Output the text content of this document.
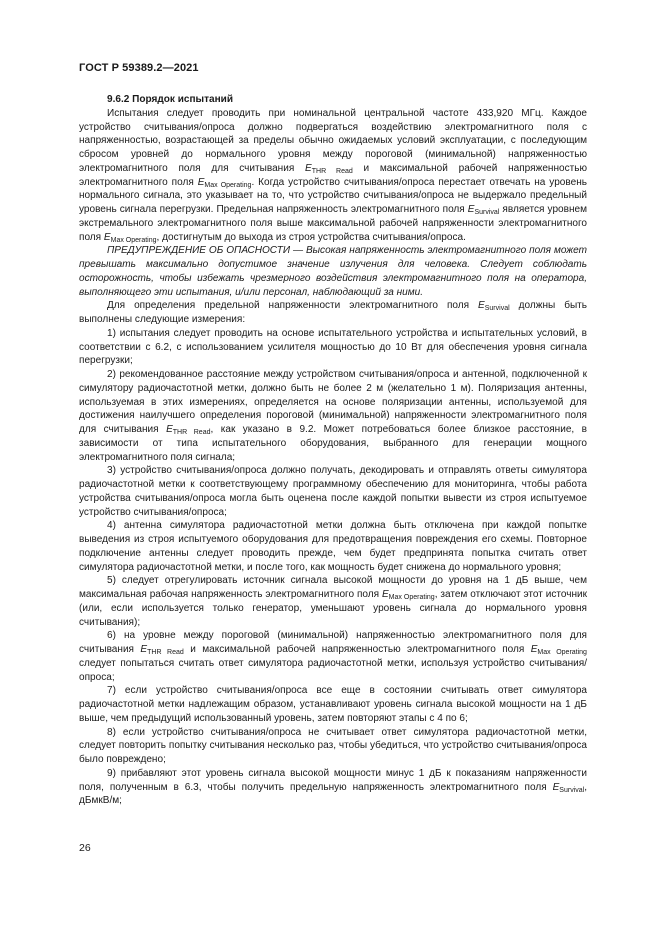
ГОСТ Р 59389.2—2021

9.6.2 Порядок испытаний

Испытания следует проводить при номинальной центральной частоте 433,920 МГц. Каждое устройство считывания/опроса должно подвергаться воздействию электромагнитного поля с напряженностью, возрастающей за пределы обычно ожидаемых условий эксплуатации, с последующим сбросом уровней до нормального уровня между пороговой (минимальной) напряженностью электромагнитного поля для считывания $E_{THR Read}$ и максимальной рабочей напряженностью электромагнитного поля $E_{Max Operating}$. Когда устройство считывания/опроса перестает отвечать на уровень нормального сигнала, это указывает на то, что устройство считывания/опроса не выдержало предельный уровень сигнала перегрузки. Предельная напряженность электромагнитного поля $E_{Survival}$ является уровнем экстремального электромагнитного поля выше максимальной рабочей напряженности электромагнитного поля $E_{Max Operating}$, достигнутым до выхода из строя устройства считывания/опроса.

ПРЕДУПРЕЖДЕНИЕ ОБ ОПАСНОСТИ — Высокая напряженность электромагнитного поля может превышать максимально допустимое значение излучения для человека. Следует соблюдать осторожность, чтобы избежать чрезмерного воздействия электромагнитного поля на оператора, выполняющего эти испытания, и/или персонал, наблюдающий за ними.

Для определения предельной напряженности электромагнитного поля $E_{Survival}$ должны быть выполнены следующие измерения:

1) испытания следует проводить на основе испытательного устройства и испытательных условий, в соответствии с 6.2, с использованием усилителя мощностью до 10 Вт для обеспечения уровня сигнала перегрузки;

2) рекомендованное расстояние между устройством считывания/опроса и антенной, подключенной к симулятору радиочастотной метки, должно быть не более 2 м (желательно 1 м). Поляризация антенны, используемая в этих измерениях, определяется на основе поляризации антенны, используемой для достижения наилучшего определения пороговой (минимальной) напряженности электромагнитного поля для считывания $E_{THR Read}$, как указано в 9.2. Может потребоваться более близкое расстояние, в зависимости от типа испытательного оборудования, выбранного для генерации мощного электромагнитного поля сигнала;

3) устройство считывания/опроса должно получать, декодировать и отправлять ответы симулятора радиочастотной метки к соответствующему программному обеспечению для мониторинга, чтобы работа устройства считывания/опроса могла быть оценена после каждой попытки вывести из строя испытуемое устройство считывания/опроса;

4) антенна симулятора радиочастотной метки должна быть отключена при каждой попытке выведения из строя испытуемого оборудования для предотвращения повреждения его схемы. Повторное подключение антенны следует проводить прежде, чем будет предпринята попытка считать ответ симулятора радиочастотной метки, и после того, как мощность будет снижена до нормального уровня;

5) следует отрегулировать источник сигнала высокой мощности до уровня на 1 дБ выше, чем максимальная рабочая напряженность электромагнитного поля $E_{Max Operating}$, затем отключают этот источник (или, если используется только генератор, уменьшают уровень сигнала до нормального уровня считывания);

6) на уровне между пороговой (минимальной) напряженностью электромагнитного поля для считывания $E_{THR Read}$ и максимальной рабочей напряженностью электромагнитного поля $E_{Max Operating}$ следует попытаться считать ответ симулятора радиочастотной метки, используя устройство считывания/опроса;

7) если устройство считывания/опроса все еще в состоянии считывать ответ симулятора радиочастотной метки надлежащим образом, устанавливают уровень сигнала высокой мощности на 1 дБ выше, чем предыдущий использованный уровень, затем повторяют этапы с 4 по 6;

8) если устройство считывания/опроса не считывает ответ симулятора радиочастотной метки, следует повторить попытку считывания несколько раз, чтобы убедиться, что устройство считывания/опроса было повреждено;

9) прибавляют этот уровень сигнала высокой мощности минус 1 дБ к показаниям напряженности поля, полученным в 6.3, чтобы получить предельную напряженность электромагнитного поля $E_{Survival}$, дБмкВ/м;

26
